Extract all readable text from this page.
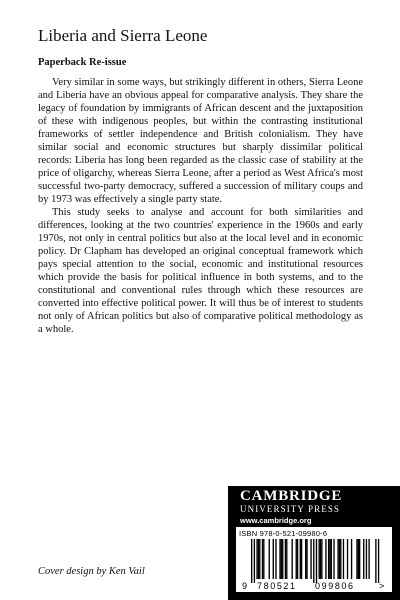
Liberia and Sierra Leone
Paperback Re-issue

Very similar in some ways, but strikingly different in others, Sierra Leone and Liberia have an obvious appeal for comparative analysis. They share the legacy of foundation by immigrants of African descent and the juxtaposition of these with indigenous peoples, but within the contrasting institutional frameworks of settler independence and British colonialism. They have similar social and economic structures but sharply dissimilar political records: Liberia has long been regarded as the classic case of stability at the price of oligarchy, whereas Sierra Leone, after a period as West Africa's most successful two-party democracy, suffered a succession of military coups and by 1973 was effectively a single party state.

This study seeks to analyse and account for both similarities and differences, looking at the two countries' experience in the 1960s and early 1970s, not only in central politics but also at the local level and in economic policy. Dr Clapham has developed an original conceptual framework which pays special attention to the social, economic and institutional resources which provide the basis for political influence in both systems, and to the constitutional and conventional rules through which these resources are converted into effective political power. It will thus be of interest to students not only of African politics but also of comparative political methodology as a whole.

Cover design by Ken Vail
CAMBRIDGE
UNIVERSITY PRESS
www.cambridge.org
ISBN 978-0-521-09980-6
9 780521 099806	>
